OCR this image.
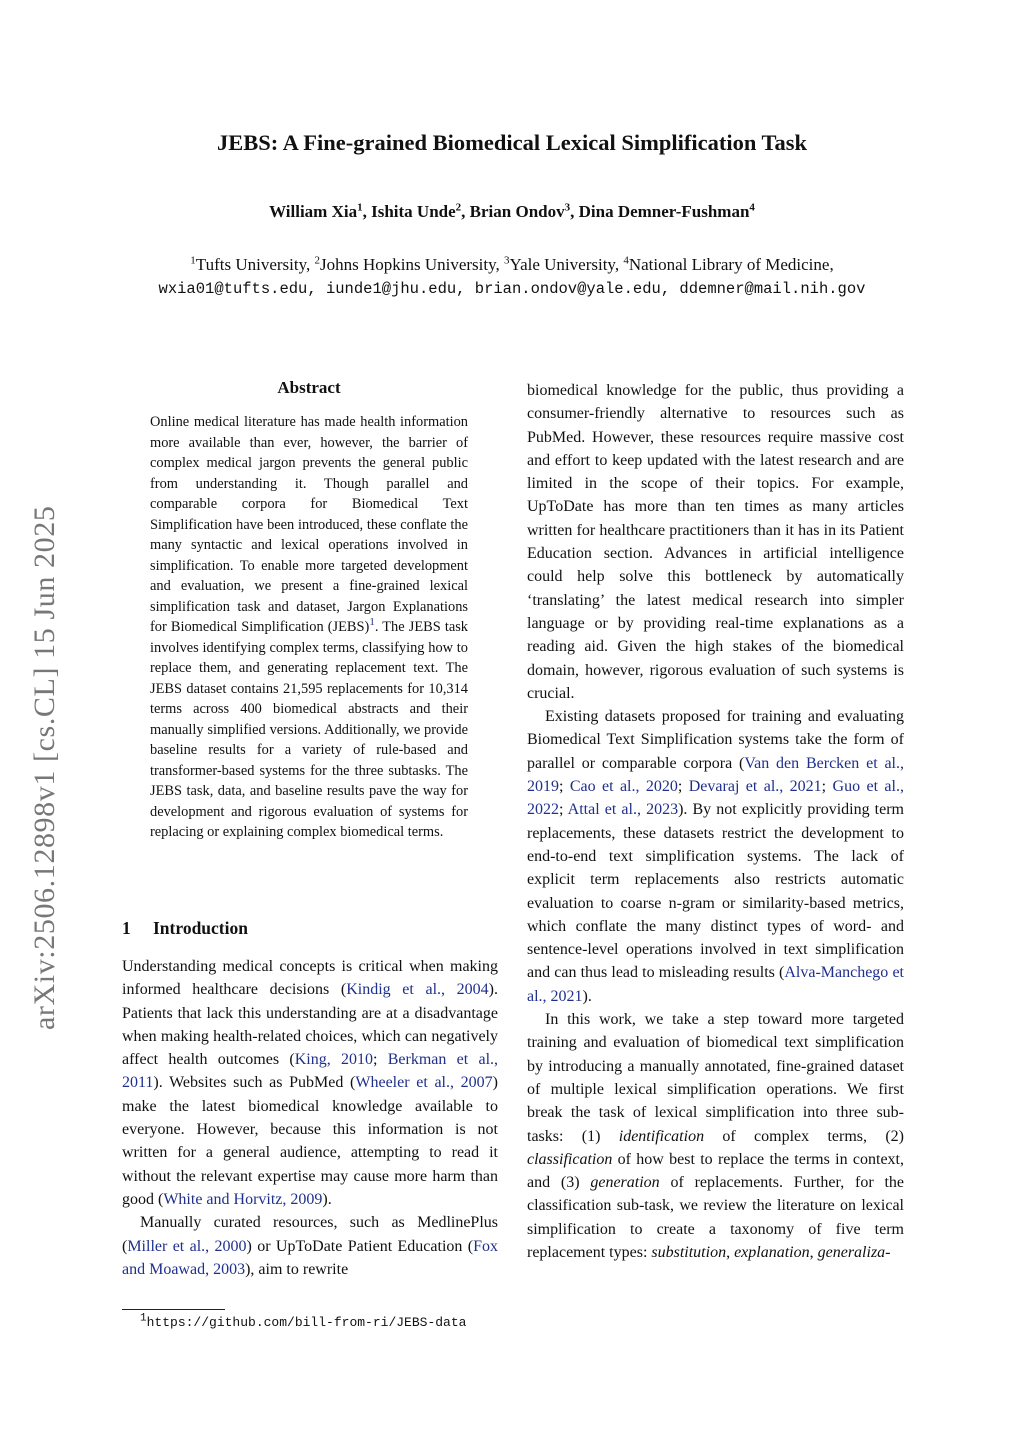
JEBS: A Fine-grained Biomedical Lexical Simplification Task
William Xia$^1$, Ishita Unde$^2$, Brian Ondov$^3$, Dina Demner-Fushman$^4$
$^1$Tufts University, $^2$Johns Hopkins University, $^3$Yale University, $^4$National Library of Medicine,
wxia01@tufts.edu, iunde1@jhu.edu, brian.ondov@yale.edu, ddemner@mail.nih.gov
arXiv:2506.12898v1 [cs.CL] 15 Jun 2025
Abstract
Online medical literature has made health information more available than ever, however, the barrier of complex medical jargon prevents the general public from understanding it. Though parallel and comparable corpora for Biomedical Text Simplification have been introduced, these conflate the many syntactic and lexical operations involved in simplification. To enable more targeted development and evaluation, we present a fine-grained lexical simplification task and dataset, Jargon Explanations for Biomedical Simplification (JEBS)$^1$. The JEBS task involves identifying complex terms, classifying how to replace them, and generating replacement text. The JEBS dataset contains 21,595 replacements for 10,314 terms across 400 biomedical abstracts and their manually simplified versions. Additionally, we provide baseline results for a variety of rule-based and transformer-based systems for the three subtasks. The JEBS task, data, and baseline results pave the way for development and rigorous evaluation of systems for replacing or explaining complex biomedical terms.
1 Introduction

Understanding medical concepts is critical when making informed healthcare decisions (Kindig et al., 2004). Patients that lack this understanding are at a disadvantage when making health-related choices, which can negatively affect health outcomes (King, 2010; Berkman et al., 2011). Websites such as PubMed (Wheeler et al., 2007) make the latest biomedical knowledge available to everyone. However, because this information is not written for a general audience, attempting to read it without the relevant expertise may cause more harm than good (White and Horvitz, 2009).

Manually curated resources, such as MedlinePlus (Miller et al., 2000) or UpToDate Patient Education (Fox and Moawad, 2003), aim to rewrite

$^1$https://github.com/bill-from-ri/JEBS-data

biomedical knowledge for the public, thus providing a consumer-friendly alternative to resources such as PubMed. However, these resources require massive cost and effort to keep updated with the latest research and are limited in the scope of their topics. For example, UpToDate has more than ten times as many articles written for healthcare practitioners than it has in its Patient Education section. Advances in artificial intelligence could help solve this bottleneck by automatically ‘translating’ the latest medical research into simpler language or by providing real-time explanations as a reading aid. Given the high stakes of the biomedical domain, however, rigorous evaluation of such systems is crucial.

Existing datasets proposed for training and evaluating Biomedical Text Simplification systems take the form of parallel or comparable corpora (Van den Bercken et al., 2019; Cao et al., 2020; Devaraj et al., 2021; Guo et al., 2022; Attal et al., 2023). By not explicitly providing term replacements, these datasets restrict the development to end-to-end text simplification systems. The lack of explicit term replacements also restricts automatic evaluation to coarse n-gram or similarity-based metrics, which conflate the many distinct types of word- and sentence-level operations involved in text simplification and can thus lead to misleading results (Alva-Manchego et al., 2021).

In this work, we take a step toward more targeted training and evaluation of biomedical text simplification by introducing a manually annotated, fine-grained dataset of multiple lexical simplification operations. We first break the task of lexical simplification into three sub-tasks: (1) identification of complex terms, (2) classification of how best to replace the terms in context, and (3) generation of replacements. Further, for the classification sub-task, we review the literature on lexical simplification to create a taxonomy of five term replacement types: substitution, explanation, generaliza-
